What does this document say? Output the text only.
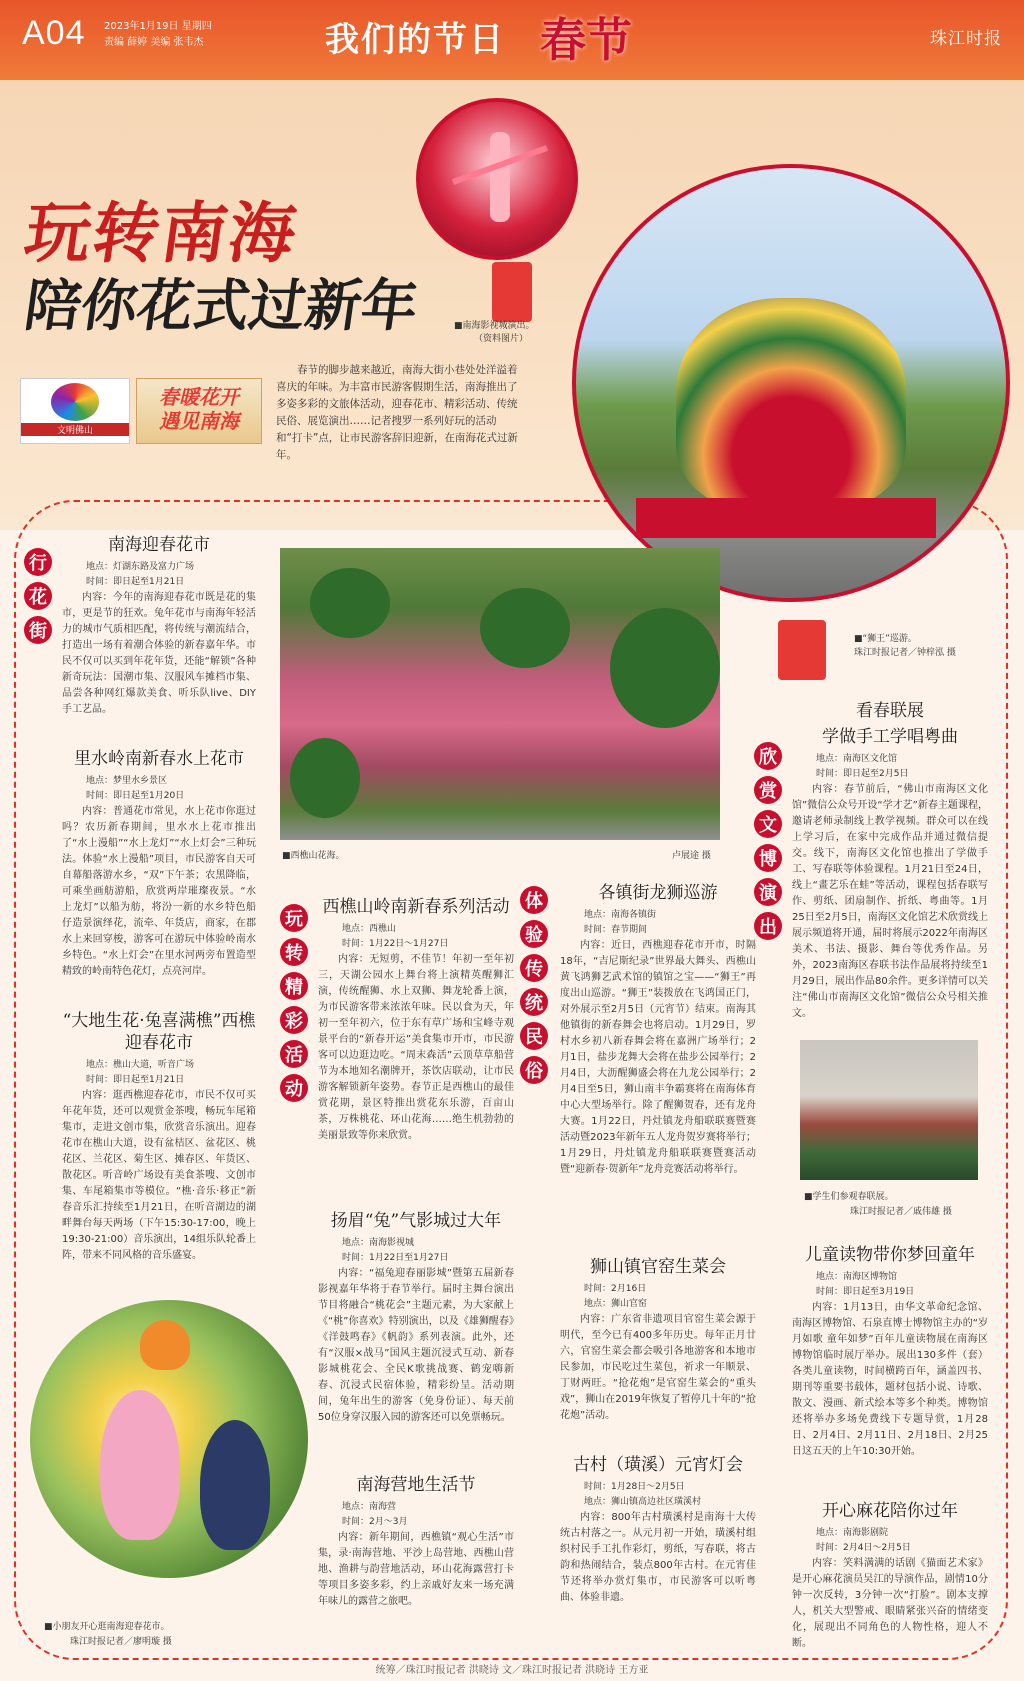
A04 2023年1月19日 星期四
责编 薛婷 美编 张韦杰	我们的节日 春节	珠江时报
■南海影视城演出。
（资料图片）
玩转南海
陪你花式过新年
文明佛山
春暖花开
遇见南海
春节的脚步越来越近，南海大街小巷处处洋溢着喜庆的年味。为丰富市民游客假期生活，南海推出了多姿多彩的文旅体活动，迎春花市、精彩活动、传统民俗、展览演出……记者搜罗一系列好玩的活动和“打卡”点，让市民游客辞旧迎新，在南海花式过新年。
■“狮王”巡游。
珠江时报记者／钟梓泓 摄
行
花
街
玩
转
精
彩
活
动
体
验
传
统
民
俗
欣
赏
文
博
演
出
南海迎春花市
地点：灯湖东路及富力广场
时间：即日起至1月21日
内容：今年的南海迎春花市既是花的集市，更是节的狂欢。兔年花市与南海年轻活力的城市气质相匹配，将传统与潮流结合，打造出一场有着潮合体验的新春嘉年华。市民不仅可以买到年花年货，还能“解锁”各种新奇玩法：国潮市集、汉服风车摊档市集、品尝各种网红爆款美食、听乐队live、DIY手工艺品。
里水岭南新春水上花市
地点：梦里水乡景区
时间：即日起至1月20日
内容：普通花市常见，水上花市你逛过吗？农历新春期间，里水水上花市推出了“水上漫船”“水上龙灯”“水上灯会”三种玩法。体验“水上漫船”项目，市民游客自天可自幕船落游水乡，“双”下午茶；农黑降临，可乘坐画舫游船，欣赏两岸璀璨夜景。“水上龙灯”以船为舫，将汾一新的水乡特色船仔造景演绎花，流牵、年货店，商家，在郡水上来回穿梭，游客可在游玩中体验岭南水乡特色。“水上灯会”在里水河两旁布置造型精致的岭南特色花灯，点亮河岸。
“大地生花·兔喜满樵”西樵迎春花市
地点：樵山大道，听音广场
时间：即日起至1月21日
内容：逛西樵迎春花市，市民不仅可买年花年货，还可以观赏金茶嗖，畅玩车尾箱集市，走进文创市集，欣赏音乐演出。迎春花市在樵山大道，设有盆桔区、盆花区、桃花区、兰花区、菊生区、摊春区、年货区、散花区。听音岭广场设有美食茶嗖、文创市集、车尾箱集市等模位。“樵·音乐·移正”新春音乐汇持续至1月21日，在听音湖边的湖畔舞台每天两场（下午15:30-17:00，晚上19:30-21:00）音乐演出，14组乐队轮番上阵，带来不同风格的音乐盛宴。
■小朋友开心逛南海迎春花市。
珠江时报记者／廖明璇 摄
■西樵山花海。	卢展途 摄
西樵山岭南新春系列活动
地点：西樵山
时间：1月22日～1月27日
内容：无短剪，不佳节！年初一至年初三，天湖公园水上舞台将上演精英醒狮汇演，传统醒狮、水上双狮、舞龙轮番上演，为市民游客带来浓浓年味。民以食为天，年初一至年初六，位于东有草广场和宝峰寺观景平台的“新春开运”美食集市开市，市民游客可以边逛边吃。“周末森活”云顶草草船营节为本地知名潮牌开，茶饮店联动，让市民游客解锁新年姿势。春节正是西樵山的最佳赏花期，景区特推出赏花东乐游，百亩山茶，万株桃花、环山花海……绝生机勃勃的美丽景致等你来欣赏。
扬眉“兔”气影城过大年
地点：南海影视城
时间：1月22日至1月27日
内容：“福兔迎春丽影城”暨第五届新春影视嘉年华将于春节举行。届时主舞台演出节目将融合“桃花会”主题元素，为大家献上《“桃”你喜欢》特别演出，以及《雄狮醒春》《洋鼓鸣春》《帆韵》系列表演。此外，还有“汉服×战马”国风主题沉浸式互动、新春影城桃花会、全民K歌挑战赛、鹤宠嗨新春、沉浸式民宿体验，精彩纷呈。活动期间，兔年出生的游客（免身份证）、每天前50位身穿汉服入园的游客还可以免票畅玩。
南海营地生活节
地点：南海营
时间：2月～3月
内容：新年期间，西樵镇“观心生活”市集，录·南海营地、平沙上岛营地、西樵山营地、渔耕与韵营地活动，环山花海露营打卡等项目多姿多彩，约上亲戚好友来一场充满年味儿的露营之旅吧。
各镇街龙狮巡游
地点：南海各镇街
时间：春节期间
内容：近日，西樵迎春花市开市，时隔18年，“吉尼斯纪录”世界最大舞头、西樵山黄飞鸿狮艺武术馆的镇馆之宝——“狮王”再度出山巡游。“狮王”装拨放在飞鸿国正门，对外展示至2月5日（元宵节）结束。南海其他镇街的新春舞会也将启动。1月29日，罗村水乡初八新春舞会将在嘉洲广场举行；2月1日，盐步龙舞大会将在盐步公园举行；2月4日，大沥醒狮盛会将在九龙公园举行；2月4日至5日，狮山南丰争霸赛将在南海体育中心大型场举行。除了醒狮贺春，还有龙舟大赛。1月22日，丹灶镇龙舟船联联赛暨赛活动暨2023年新年五人龙舟贺岁赛将举行；1月29日，丹灶镇龙舟船联联赛暨赛活动暨“迎新春·贺新年”龙舟竞赛活动将举行。
狮山镇官窑生菜会
时间：2月16日
地点：狮山官窑
内容：广东省非遗项目官窑生菜会源于明代，至今已有400多年历史。每年正月廿六，官窑生菜会都会吸引各地游客和本地市民参加，市民吃过生菜包，祈求一年顺景、丁财两旺。“抢花炮”是官窑生菜会的“重头戏”，狮山在2019年恢复了暂停几十年的“抢花炮”活动。
古村（璜溪）元宵灯会
时间：1月28日～2月5日
地点：狮山镇高边社区璜溪村
内容：800年古村璜溪村是南海十大传统古村落之一。从元月初一开始，璜溪村组织村民手工扎作彩灯，剪纸，写春联，将古韵和热闹结合，装点800年古村。在元宵佳节还将举办赏灯集市，市民游客可以听粤曲、体验非遗。
看春联展
学做手工学唱粤曲
地点：南海区文化馆
时间：即日起至2月5日
内容：春节前后，“佛山市南海区文化馆”微信公众号开设“学才艺”新春主题课程，邀请老师录制线上教学视频。群众可以在线上学习后，在家中完成作品并通过微信提交。线下，南海区文化馆也推出了学做手工、写春联等体验课程。1月21日至24日，线上“畫艺乐在蛙”等活动，课程包括春联写作、剪纸、团扇制作、折纸、粤曲等。1月25日至2月5日，南海区文化馆艺术欣赏线上展示频道将开通，届时将展示2022年南海区美术、书法、摄影、舞台等优秀作品。另外，2023南海区春联书法作品展将持续至1月29日，展出作品80余件。更多详情可以关注“佛山市南海区文化馆”微信公众号相关推文。
■学生们参观春联展。
珠江时报记者／戚伟雄 摄
儿童读物带你梦回童年
地点：南海区博物馆
时间：即日起至3月19日
内容：1月13日，由华文革命纪念馆、南海区博物馆、石泉直博士博物馆主办的“岁月如歌 童年如梦”百年儿童读物展在南海区博物馆临时展厅举办。展出130多件（套）各类儿童读物，时间横跨百年，涵盖四书、期刊等重要书载体，题材包括小说、诗歌、散文、漫画、新式绘本等多个种类。博物馆还将举办多场免费线下专题导赏，1月28日、2月4日、2月11日、2月18日、2月25日这五天的上午10:30开始。
开心麻花陪你过年
地点：南海影剧院
时间：2月4日～2月5日
内容：笑料满满的话剧《猫面艺术家》是开心麻花演员吴江的导演作品，剧情10分钟一次反转，3分钟一次“打脸”。剧本支撑人，机关大型警戒、眼睛紧张兴奋的情绪变化，展现出不同角色的人物性格，迎人不断。
统筹／珠江时报记者 洪晓诗 文／珠江时报记者 洪晓诗 王方亚
